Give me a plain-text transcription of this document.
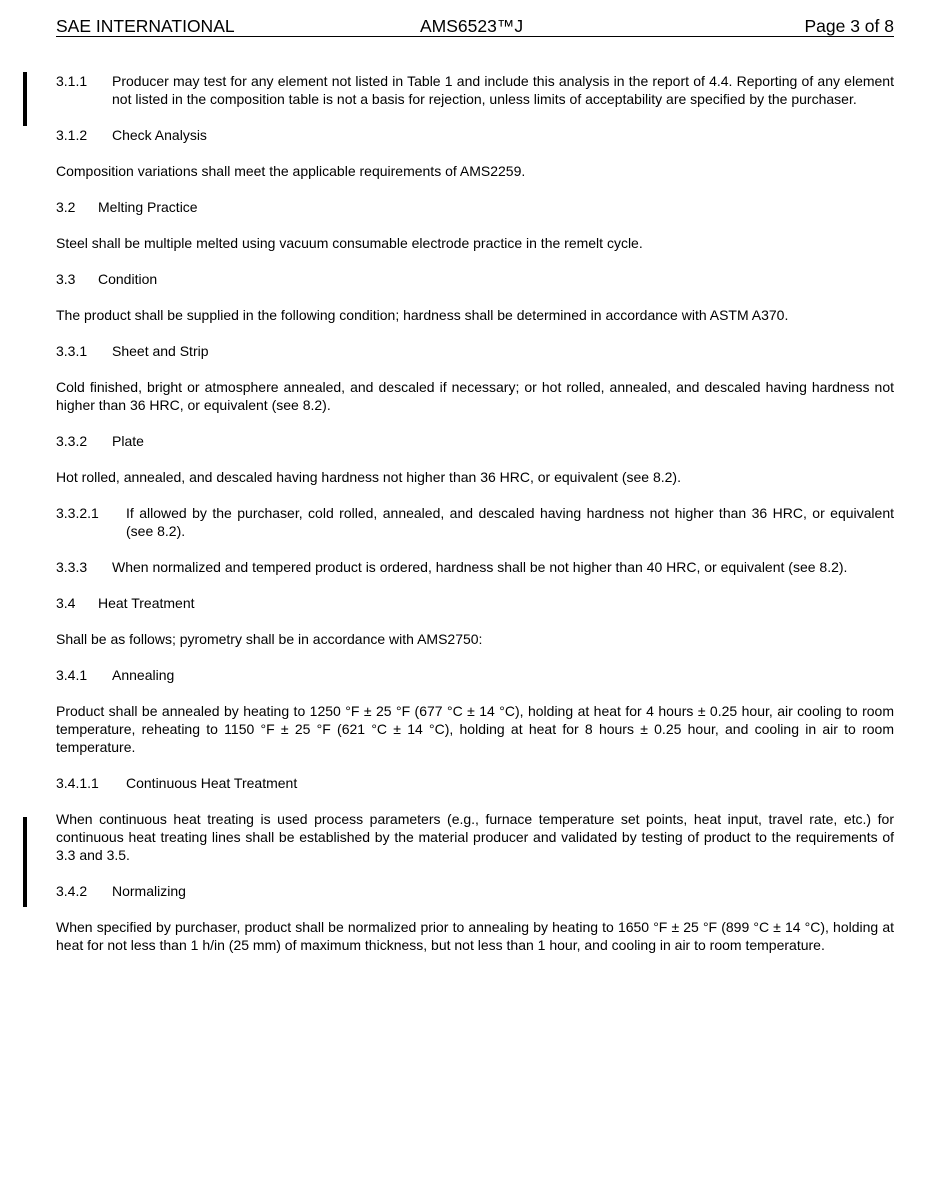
SAE INTERNATIONAL	AMS6523™J	Page 3 of 8
3.1.1	Producer may test for any element not listed in Table 1 and include this analysis in the report of 4.4. Reporting of any element not listed in the composition table is not a basis for rejection, unless limits of acceptability are specified by the purchaser.
3.1.2	Check Analysis

Composition variations shall meet the applicable requirements of AMS2259.

3.2	Melting Practice

Steel shall be multiple melted using vacuum consumable electrode practice in the remelt cycle.

3.3	Condition

The product shall be supplied in the following condition; hardness shall be determined in accordance with ASTM A370.

3.3.1	Sheet and Strip

Cold finished, bright or atmosphere annealed, and descaled if necessary; or hot rolled, annealed, and descaled having hardness not higher than 36 HRC, or equivalent (see 8.2).

3.3.2	Plate

Hot rolled, annealed, and descaled having hardness not higher than 36 HRC, or equivalent (see 8.2).

3.3.2.1	If allowed by the purchaser, cold rolled, annealed, and descaled having hardness not higher than 36 HRC, or equivalent (see 8.2).
3.3.3	When normalized and tempered product is ordered, hardness shall be not higher than 40 HRC, or equivalent (see 8.2).
3.4	Heat Treatment

Shall be as follows; pyrometry shall be in accordance with AMS2750:

3.4.1	Annealing

Product shall be annealed by heating to 1250 °F ± 25 °F (677 °C ± 14 °C), holding at heat for 4 hours ± 0.25 hour, air cooling to room temperature, reheating to 1150 °F ± 25 °F (621 °C ± 14 °C), holding at heat for 8 hours ± 0.25 hour, and cooling in air to room temperature.

3.4.1.1	Continuous Heat Treatment

When continuous heat treating is used process parameters (e.g., furnace temperature set points, heat input, travel rate, etc.) for continuous heat treating lines shall be established by the material producer and validated by testing of product to the requirements of 3.3 and 3.5.

3.4.2	Normalizing

When specified by purchaser, product shall be normalized prior to annealing by heating to 1650 °F ± 25 °F (899 °C ± 14 °C), holding at heat for not less than 1 h/in (25 mm) of maximum thickness, but not less than 1 hour, and cooling in air to room temperature.
